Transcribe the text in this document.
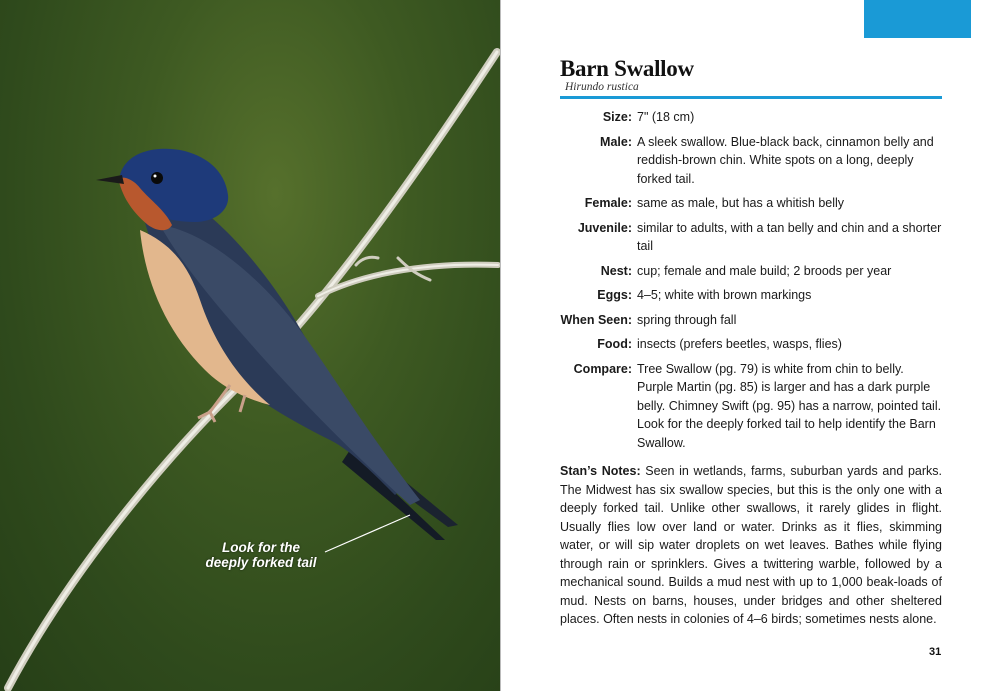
Look for the
deeply forked tail
Barn Swallow
Hirundo rustica
Size: 7" (18 cm)
Male: A sleek swallow. Blue-black back, cinnamon belly and reddish-brown chin. White spots on a long, deeply forked tail.
Female: same as male, but has a whitish belly
Juvenile: similar to adults, with a tan belly and chin and a shorter tail
Nest: cup; female and male build; 2 broods per year
Eggs: 4–5; white with brown markings
When Seen: spring through fall
Food: insects (prefers beetles, wasps, flies)
Compare: Tree Swallow (pg. 79) is white from chin to belly. Purple Martin (pg. 85) is larger and has a dark purple belly. Chimney Swift (pg. 95) has a narrow, pointed tail. Look for the deeply forked tail to help identify the Barn Swallow.
Stan’s Notes: Seen in wetlands, farms, suburban yards and parks. The Midwest has six swallow species, but this is the only one with a deeply forked tail. Unlike other swallows, it rarely glides in flight. Usually flies low over land or water. Drinks as it flies, skimming water, or will sip water droplets on wet leaves. Bathes while flying through rain or sprinklers. Gives a twittering warble, followed by a mechanical sound. Builds a mud nest with up to 1,000 beak-loads of mud. Nests on barns, houses, under bridges and other sheltered places. Often nests in colonies of 4–6 birds; sometimes nests alone.
31
